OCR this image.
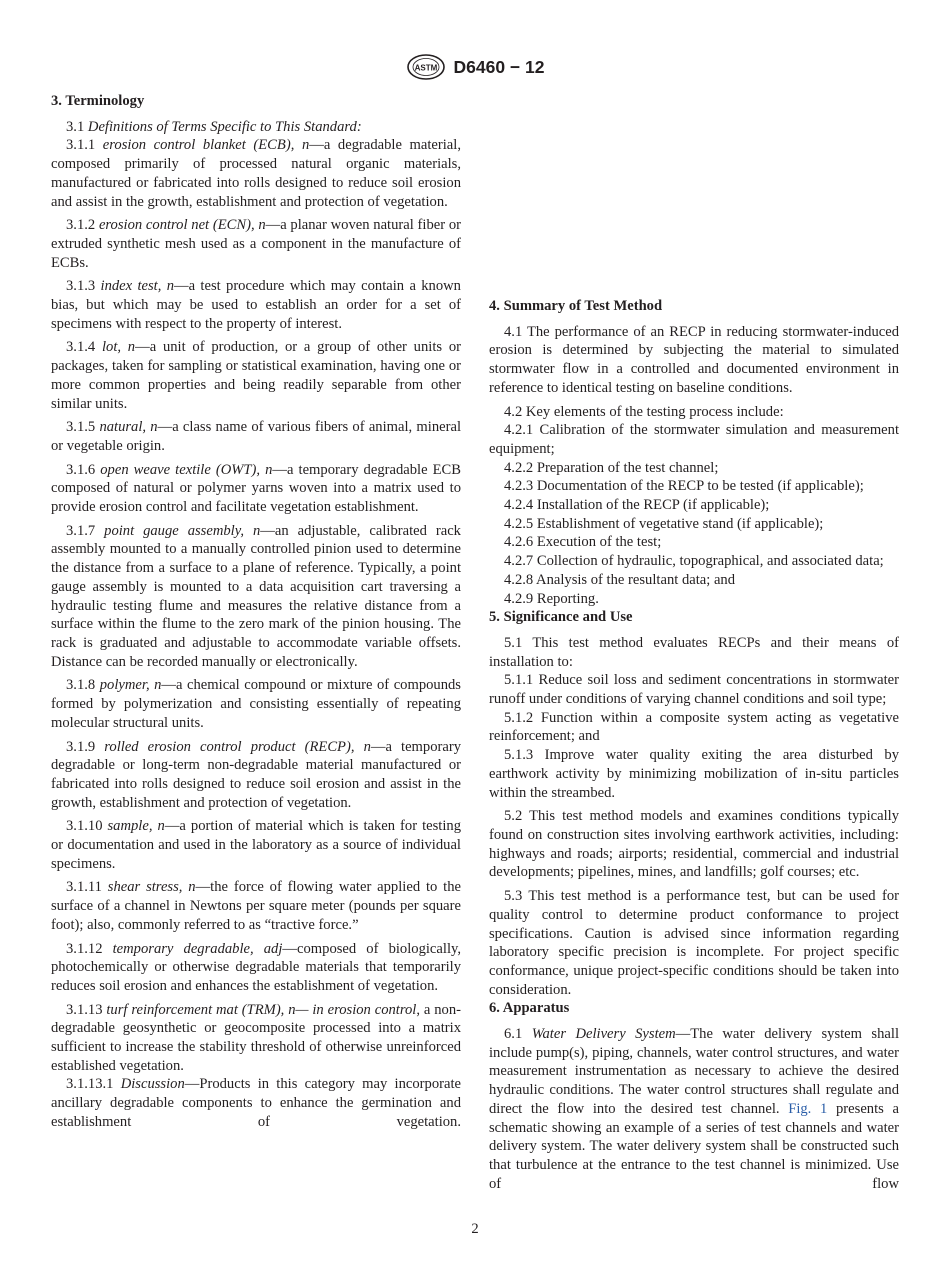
ASTM D6460 − 12

3. Terminology

3.1 Definitions of Terms Specific to This Standard:

3.1.1 erosion control blanket (ECB), n—a degradable material, composed primarily of processed natural organic materials, manufactured or fabricated into rolls designed to reduce soil erosion and assist in the growth, establishment and protection of vegetation.

3.1.2 erosion control net (ECN), n—a planar woven natural fiber or extruded synthetic mesh used as a component in the manufacture of ECBs.

3.1.3 index test, n—a test procedure which may contain a known bias, but which may be used to establish an order for a set of specimens with respect to the property of interest.

3.1.4 lot, n—a unit of production, or a group of other units or packages, taken for sampling or statistical examination, having one or more common properties and being readily separable from other similar units.

3.1.5 natural, n—a class name of various fibers of animal, mineral or vegetable origin.

3.1.6 open weave textile (OWT), n—a temporary degradable ECB composed of natural or polymer yarns woven into a matrix used to provide erosion control and facilitate vegetation establishment.

3.1.7 point gauge assembly, n—an adjustable, calibrated rack assembly mounted to a manually controlled pinion used to determine the distance from a surface to a plane of reference. Typically, a point gauge assembly is mounted to a data acquisition cart traversing a hydraulic testing flume and measures the relative distance from a surface within the flume to the zero mark of the pinion housing. The rack is graduated and adjustable to accommodate variable offsets. Distance can be recorded manually or electronically.

3.1.8 polymer, n—a chemical compound or mixture of compounds formed by polymerization and consisting essentially of repeating molecular structural units.

3.1.9 rolled erosion control product (RECP), n—a temporary degradable or long-term non-degradable material manufactured or fabricated into rolls designed to reduce soil erosion and assist in the growth, establishment and protection of vegetation.

3.1.10 sample, n—a portion of material which is taken for testing or documentation and used in the laboratory as a source of individual specimens.

3.1.11 shear stress, n—the force of flowing water applied to the surface of a channel in Newtons per square meter (pounds per square foot); also, commonly referred to as “tractive force.”

3.1.12 temporary degradable, adj—composed of biologically, photochemically or otherwise degradable materials that temporarily reduces soil erosion and enhances the establishment of vegetation.

3.1.13 turf reinforcement mat (TRM), n— in erosion control, a non-degradable geosynthetic or geocomposite processed into a matrix sufficient to increase the stability threshold of otherwise unreinforced established vegetation.

3.1.13.1 Discussion—Products in this category may incorporate ancillary degradable components to enhance the germination and establishment of vegetation.

4. Summary of Test Method

4.1 The performance of an RECP in reducing stormwater-induced erosion is determined by subjecting the material to simulated stormwater flow in a controlled and documented environment in reference to identical testing on baseline conditions.

4.2 Key elements of the testing process include:

4.2.1 Calibration of the stormwater simulation and measurement equipment;

4.2.2 Preparation of the test channel;

4.2.3 Documentation of the RECP to be tested (if applicable);

4.2.4 Installation of the RECP (if applicable);

4.2.5 Establishment of vegetative stand (if applicable);

4.2.6 Execution of the test;

4.2.7 Collection of hydraulic, topographical, and associated data;

4.2.8 Analysis of the resultant data; and

4.2.9 Reporting.

5. Significance and Use

5.1 This test method evaluates RECPs and their means of installation to:

5.1.1 Reduce soil loss and sediment concentrations in stormwater runoff under conditions of varying channel conditions and soil type;

5.1.2 Function within a composite system acting as vegetative reinforcement; and

5.1.3 Improve water quality exiting the area disturbed by earthwork activity by minimizing mobilization of in-situ particles within the streambed.

5.2 This test method models and examines conditions typically found on construction sites involving earthwork activities, including: highways and roads; airports; residential, commercial and industrial developments; pipelines, mines, and landfills; golf courses; etc.

5.3 This test method is a performance test, but can be used for quality control to determine product conformance to project specifications. Caution is advised since information regarding laboratory specific precision is incomplete. For project specific conformance, unique project-specific conditions should be taken into consideration.

6. Apparatus

6.1 Water Delivery System—The water delivery system shall include pump(s), piping, channels, water control structures, and water measurement instrumentation as necessary to achieve the desired hydraulic conditions. The water control structures shall regulate and direct the flow into the desired test channel. Fig. 1 presents a schematic showing an example of a series of test channels and water delivery system. The water delivery system shall be constructed such that turbulence at the entrance to the test channel is minimized. Use of flow

2
